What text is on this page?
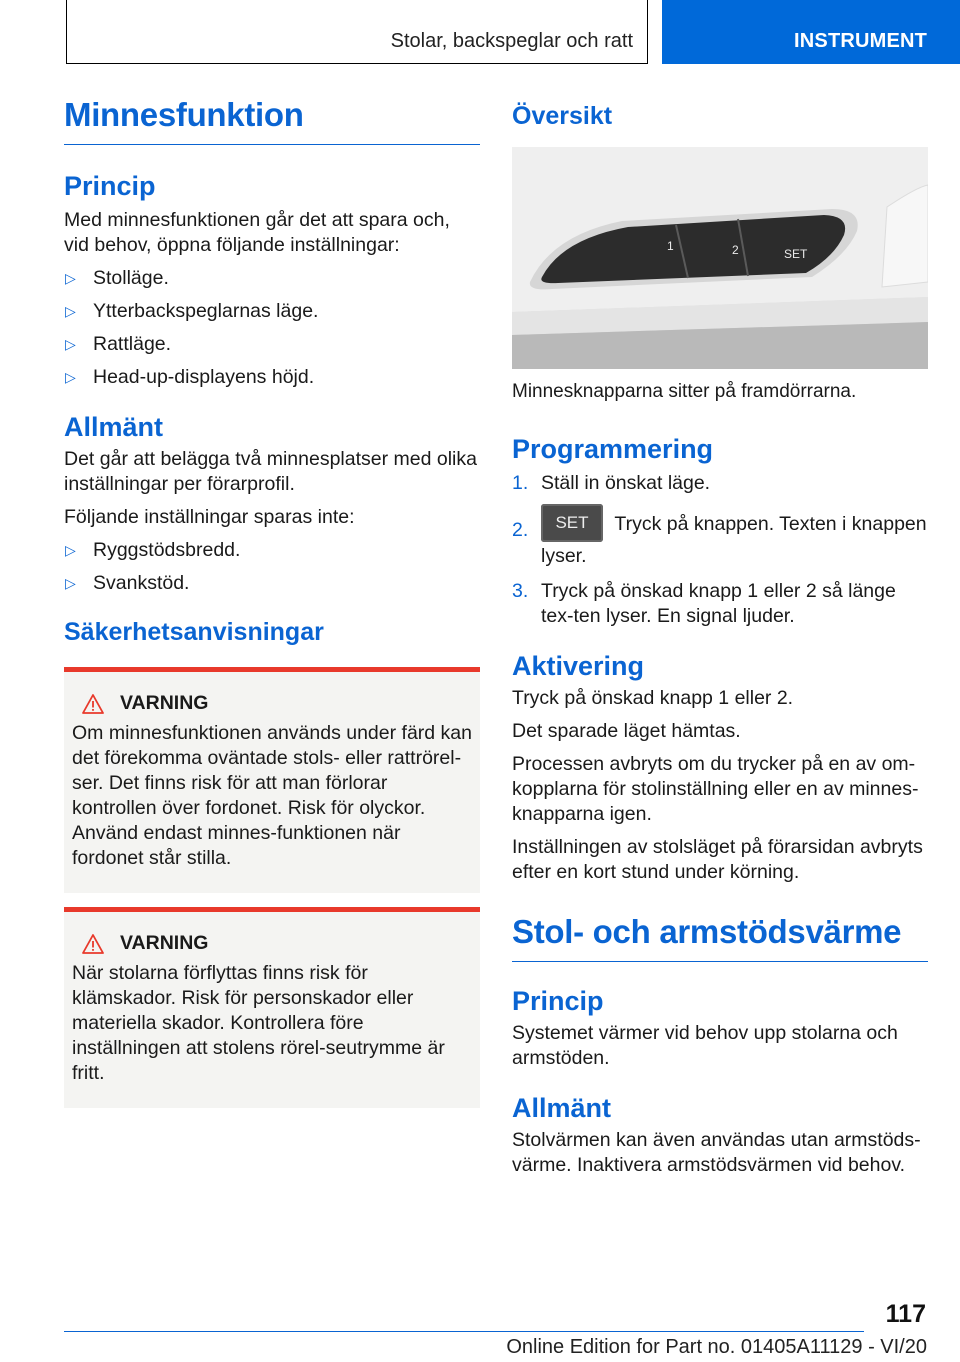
Stolar, backspeglar och ratt	INSTRUMENT
Minnesfunktion
Princip

Med minnesfunktionen går det att spara och, vid behov, öppna följande inställningar:

▷ Stolläge.
▷ Ytterbackspeglarnas läge.
▷ Rattläge.
▷ Head-up-displayens höjd.
Allmänt

Det går att belägga två minnesplatser med olika inställningar per förarprofil.

Följande inställningar sparas inte:

▷ Ryggstödsbredd.
▷ Svankstöd.
Säkerhetsanvisningar
VARNING

Om minnesfunktionen används under färd kan det förekomma oväntade stols- eller rattrörel-ser. Det finns risk för att man förlorar kontrollen över fordonet. Risk för olyckor. Använd endast minnes-funktionen när fordonet står stilla.

VARNING

När stolarna förflyttas finns risk för klämskador. Risk för personskador eller materiella skador. Kontrollera före inställningen att stolens rörel-seutrymme är fritt.

Översikt
1	2	SET

Minnesknapparna sitter på framdörrarna.

Programmering
1. Ställ in önskat läge.
2. SET Tryck på knappen. Texten i knappen lyser.
3. Tryck på önskad knapp 1 eller 2 så länge tex-ten lyser. En signal ljuder.
Aktivering

Tryck på önskad knapp 1 eller 2.

Det sparade läget hämtas.

Processen avbryts om du trycker på en av om-kopplarna för stolinställning eller en av minnes-knapparna igen.

Inställningen av stolsläget på förarsidan avbryts efter en kort stund under körning.

Stol- och armstödsvärme
Princip

Systemet värmer vid behov upp stolarna och armstöden.

Allmänt

Stolvärmen kan även användas utan armstöds-värme. Inaktivera armstödsvärmen vid behov.

117
Online Edition for Part no. 01405A11129 - VI/20
